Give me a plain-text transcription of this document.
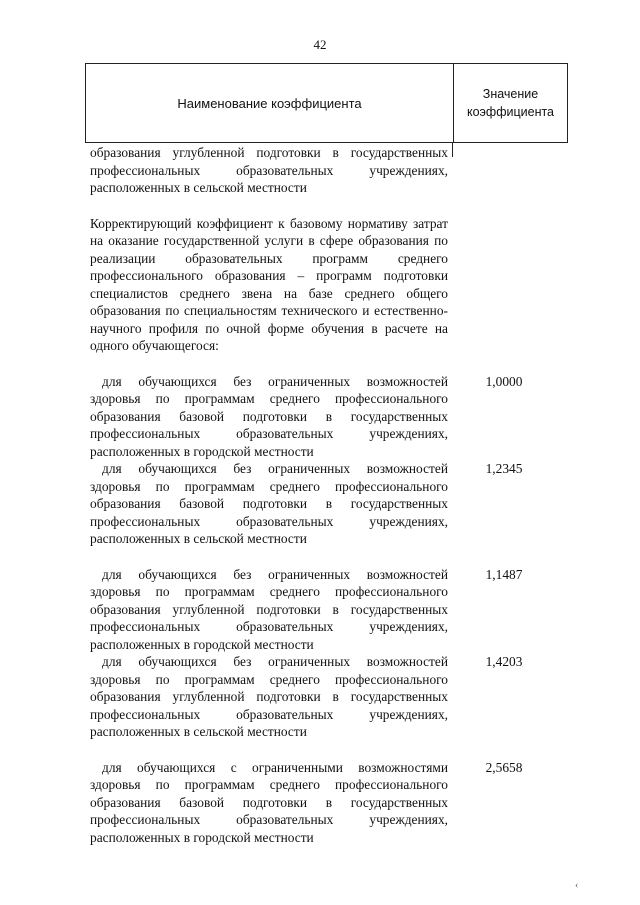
42
Наименование коэффициента
Значение
коэффициента
образования углубленной подготовки в государственных профессиональных образовательных учреждениях, расположенных в сельской местности
Корректирующий коэффициент к базовому нормативу затрат на оказание государственной услуги в сфере образования по реализации образовательных программ среднего профессионального образования – программ подготовки специалистов среднего звена на базе среднего общего образования по специальностям технического и естественно-научного профиля по очной форме обучения в расчете на одного обучающегося:
для обучающихся без ограниченных возможностей здоровья по программам среднего профессионального образования базовой подготовки в государственных профессиональных образовательных учреждениях, расположенных в городской местности
1,0000
для обучающихся без ограниченных возможностей здоровья по программам среднего профессионального образования базовой подготовки в государственных профессиональных образовательных учреждениях, расположенных в сельской местности
1,2345
для обучающихся без ограниченных возможностей здоровья по программам среднего профессионального образования углубленной подготовки в государственных профессиональных образовательных учреждениях, расположенных в городской местности
1,1487
для обучающихся без ограниченных возможностей здоровья по программам среднего профессионального образования углубленной подготовки в государственных профессиональных образовательных учреждениях, расположенных в сельской местности
1,4203
для обучающихся с ограниченными возможностями здоровья по программам среднего профессионального образования базовой подготовки в государственных профессиональных образовательных учреждениях, расположенных в городской местности
2,5658
‹
